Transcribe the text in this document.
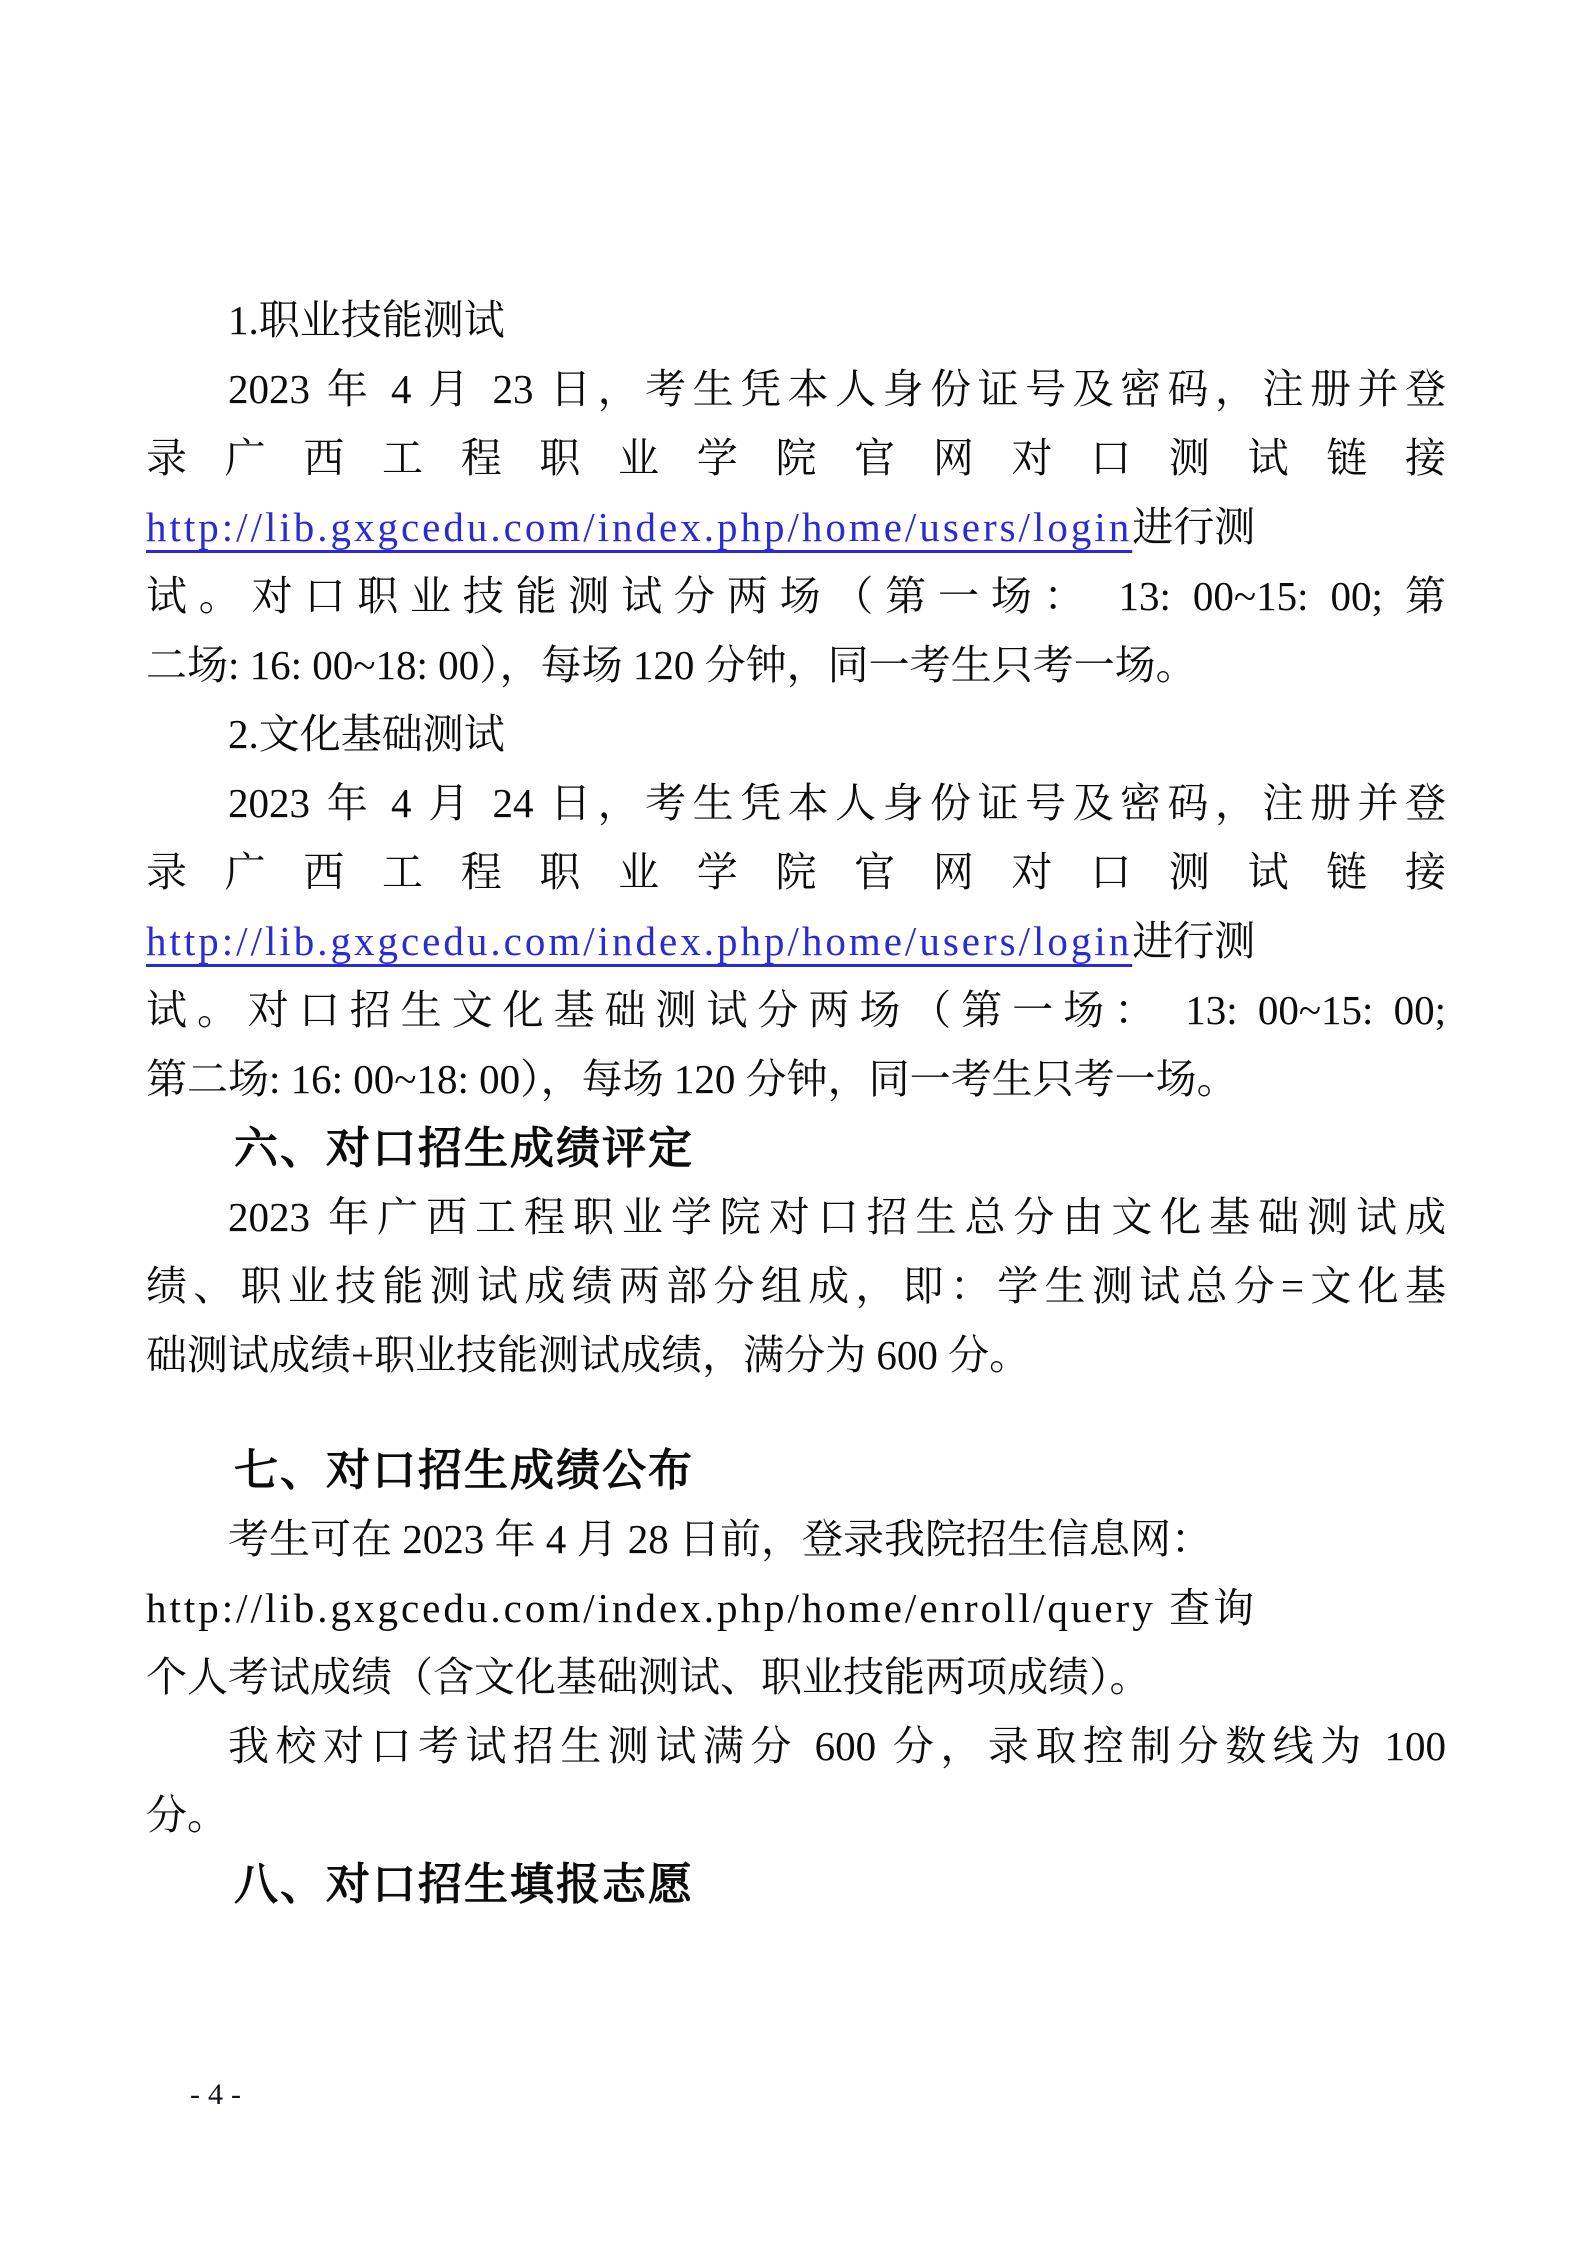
1.职业技能测试
2023 年 4 月 23 日，考生凭本人身份证号及密码，注册并登
录广西工程职业学院官网对口测试链接
http://lib.gxgcedu.com/index.php/home/users/login进行测
试。对口职业技能测试分两场（第一场： 13: 00~15: 00; 第
二场: 16: 00~18: 00），每场 120 分钟，同一考生只考一场。
2.文化基础测试
2023 年 4 月 24 日，考生凭本人身份证号及密码，注册并登
录广西工程职业学院官网对口测试链接
http://lib.gxgcedu.com/index.php/home/users/login进行测
试。对口招生文化基础测试分两场（第一场： 13: 00~15: 00;
第二场: 16: 00~18: 00），每场 120 分钟，同一考生只考一场。
六、对口招生成绩评定
2023 年广西工程职业学院对口招生总分由文化基础测试成
绩、职业技能测试成绩两部分组成，即：学生测试总分=文化基
础测试成绩+职业技能测试成绩，满分为 600 分。
七、对口招生成绩公布
考生可在 2023 年 4 月 28 日前，登录我院招生信息网：
http://lib.gxgcedu.com/index.php/home/enroll/query 查询
个人考试成绩（含文化基础测试、职业技能两项成绩）。
我校对口考试招生测试满分 600 分，录取控制分数线为 100
分。
八、对口招生填报志愿
-4-
